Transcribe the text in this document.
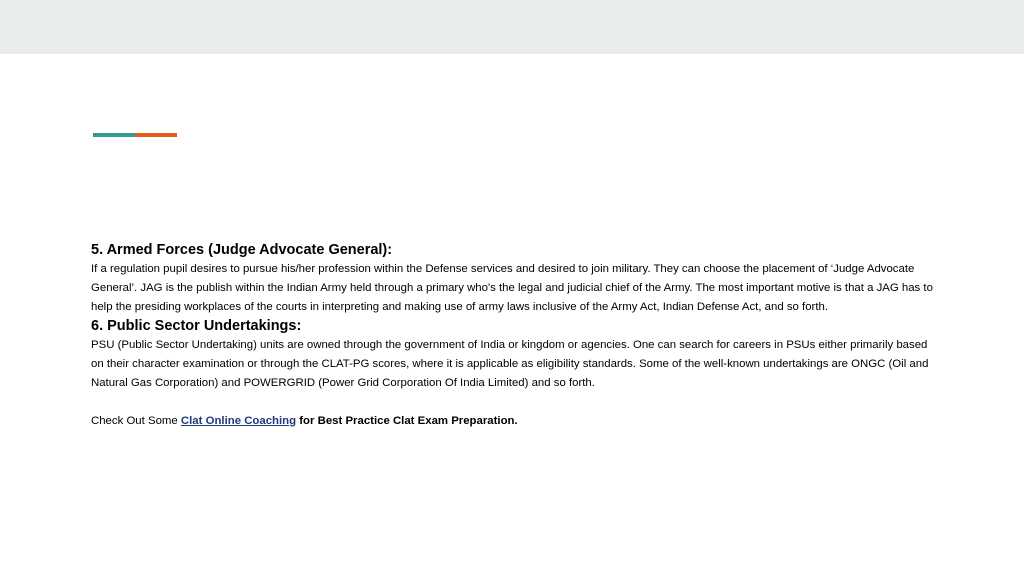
5. Armed Forces (Judge Advocate General):

If a regulation pupil desires to pursue his/her profession within the Defense services and desired to join military. They can choose the placement of ‘Judge Advocate General’. JAG is the publish within the Indian Army held through a primary who's the legal and judicial chief of the Army. The most important motive is that a JAG has to help the presiding workplaces of the courts in interpreting and making use of army laws inclusive of the Army Act, Indian Defense Act, and so forth.

6. Public Sector Undertakings:

PSU (Public Sector Undertaking) units are owned through the government of India or kingdom or agencies. One can search for careers in PSUs either primarily based on their character examination or through the CLAT-PG scores, where it is applicable as eligibility standards. Some of the well-known undertakings are ONGC (Oil and Natural Gas Corporation) and POWERGRID (Power Grid Corporation Of India Limited) and so forth.

Check Out Some Clat Online Coaching for Best Practice Clat Exam Preparation.
